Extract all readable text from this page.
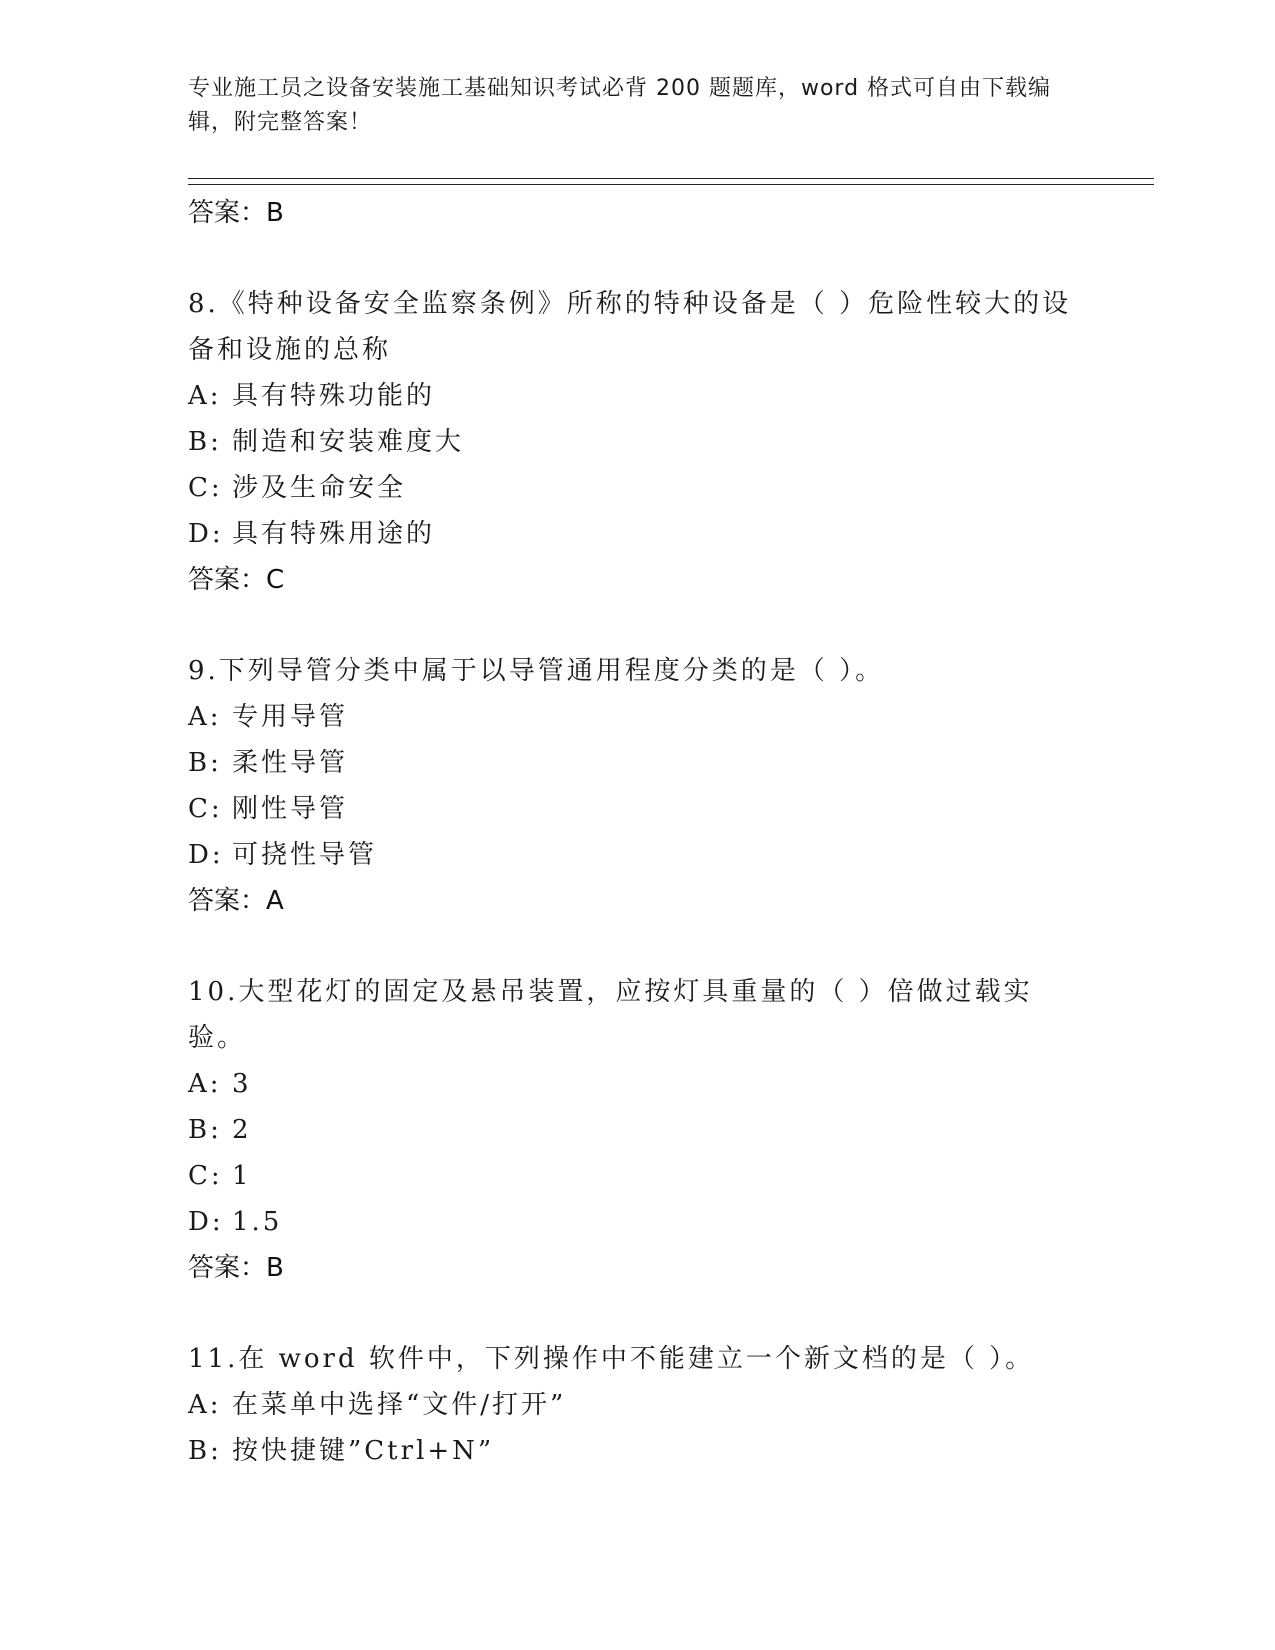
专业施工员之设备安装施工基础知识考试必背 200 题题库，word 格式可自由下载编辑，附完整答案！
答案：B
8.《特种设备安全监察条例》所称的特种设备是（ ）危险性较大的设备和设施的总称
A: 具有特殊功能的
B: 制造和安装难度大
C: 涉及生命安全
D: 具有特殊用途的
答案：C
9.下列导管分类中属于以导管通用程度分类的是（ ）。
A: 专用导管
B: 柔性导管
C: 刚性导管
D: 可挠性导管
答案：A
10.大型花灯的固定及悬吊装置，应按灯具重量的（ ）倍做过载实验。
A: 3
B: 2
C: 1
D: 1.5
答案：B
11.在 word 软件中，下列操作中不能建立一个新文档的是（ ）。
A: 在菜单中选择“文件/打开”
B: 按快捷键”Ctrl+N”
